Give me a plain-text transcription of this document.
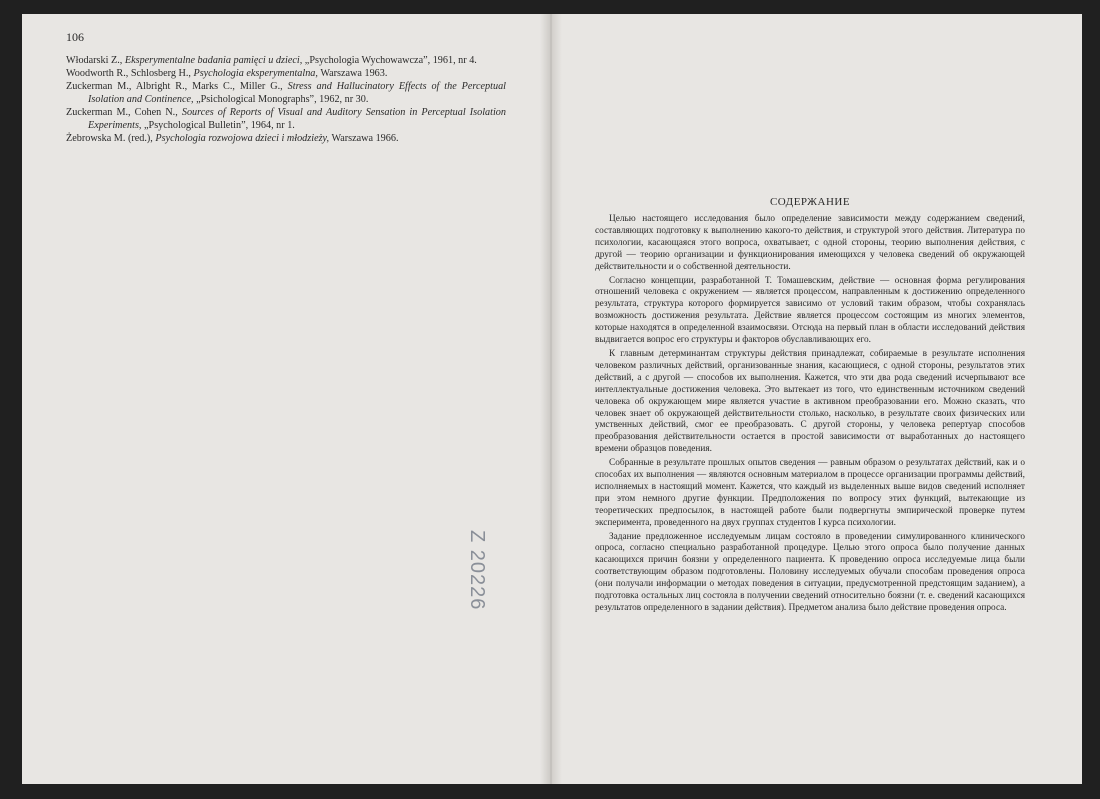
106

Włodarski Z., Eksperymentalne badania pamięci u dzieci, „Psychologia Wychowawcza”, 1961, nr 4.

Woodworth R., Schlosberg H., Psychologia eksperymentalna, Warszawa 1963.

Zuckerman M., Albright R., Marks C., Miller G., Stress and Hallucinatory Effects of the Perceptual Isolation and Continence, „Psichological Monographs”, 1962, nr 30.

Zuckerman M., Cohen N., Sources of Reports of Visual and Auditory Sensation in Perceptual Isolation Experiments, „Psychological Bulletin”, 1964, nr 1.

Żebrowska M. (red.), Psychologia rozwojowa dzieci i młodzieży, Warszawa 1966.

Z 20226
СОДЕРЖАНИЕ

Целью настоящего исследования было определение зависимости между содержанием сведений, составляющих подготовку к выполнению какого-то действия, и структурой этого действия. Литература по психологии, касающаяся этого вопроса, охватывает, с одной стороны, теорию выполнения действия, с другой — теорию организации и функционирования имеющихся у человека сведений об окружающей действительности и о собственной деятельности.

Согласно концепции, разработанной Т. Томашевским, действие — основная форма регулирования отношений человека с окружением — является процессом, направленным к достижению определенного результата, структура которого формируется зависимо от условий таким образом, чтобы сохранялась возможность достижения результата. Действие является процессом состоящим из многих элементов, которые находятся в определенной взаимосвязи. Отсюда на первый план в области исследований действия выдвигается вопрос его структуры и факторов обуславливающих его.

К главным детерминантам структуры действия принадлежат, собираемые в результате исполнения человеком различных действий, организованные знания, касающиеся, с одной стороны, результатов этих действий, а с другой — способов их выполнения. Кажется, что эти два рода сведений исчерпывают все интеллектуальные достижения человека. Это вытекает из того, что единственным источником сведений человека об окружающем мире является участие в активном преобразовании его. Можно сказать, что человек знает об окружающей действительности столько, насколько, в результате своих физических или умственных действий, смог ее преобразовать. С другой стороны, у человека репертуар способов преобразования действительности остается в простой зависимости от выработанных до настоящего времени образцов поведения.

Собранные в результате прошлых опытов сведения — равным образом о результатах действий, как и о способах их выполнения — являются основным материалом в процессе организации программы действий, исполняемых в настоящий момент. Кажется, что каждый из выделенных выше видов сведений исполняет при этом немного другие функции. Предположения по вопросу этих функций, вытекающие из теоретических предпосылок, в настоящей работе были подвергнуты эмпирической проверке путем эксперимента, проведенного на двух группах студентов I курса психологии.

Задание предложенное исследуемым лицам состояло в проведении симулированного клинического опроса, согласно специально разработанной процедуре. Целью этого опроса было получение данных касающихся причин боязни у определенного пациента. К проведению опроса исследуемые лица были соответствующим образом подготовлены. Половину исследуемых обучали способам проведения опроса (они получали информации о методах поведения в ситуации, предусмотренной предстоящим заданием), а подготовка остальных лиц состояла в получении сведений относительно боязни (т. е. сведений касающихся результатов определенного в задании действия). Предметом анализа было действие проведения опроса.
